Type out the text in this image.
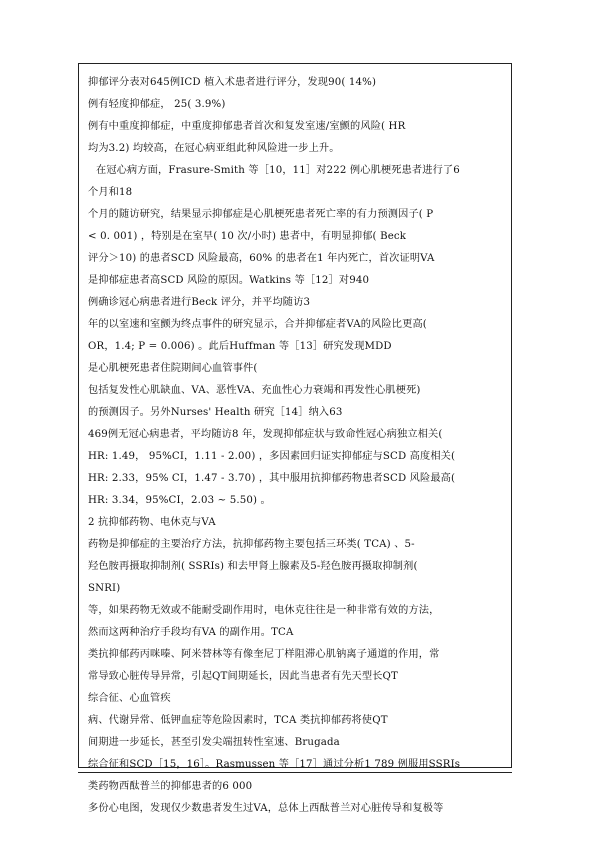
抑郁评分表对645例ICD 植入术患者进行评分，发现90( 14%)
例有轻度抑郁症， 25( 3.9%)
例有中重度抑郁症，中重度抑郁患者首次和复发室速/室颤的风险( HR
均为3.2) 均较高，在冠心病亚组此种风险进一步上升。
在冠心病方面，Frasure-Smith 等［10，11］对222 例心肌梗死患者进行了6
个月和18
个月的随访研究，结果显示抑郁症是心肌梗死患者死亡率的有力预测因子( P
< 0. 001) ，特别是在室早( 10 次/小时) 患者中，有明显抑郁( Beck
评分＞10) 的患者SCD 风险最高，60% 的患者在1 年内死亡，首次证明VA
是抑郁症患者高SCD 风险的原因。Watkins 等［12］对940
例确诊冠心病患者进行Beck 评分，并平均随访3
年的以室速和室颤为终点事件的研究显示，合并抑郁症者VA的风险比更高(
OR，1.4; P = 0.006) 。此后Huffman 等［13］研究发现MDD
是心肌梗死患者住院期间心血管事件(
包括复发性心肌缺血、VA、恶性VA、充血性心力衰竭和再发性心肌梗死)
的预测因子。另外Nurses' Health 研究［14］纳入63
469例无冠心病患者，平均随访8 年，发现抑郁症状与致命性冠心病独立相关(
HR: 1.49， 95%CI，1.11 - 2.00) ，多因素回归证实抑郁症与SCD 高度相关(
HR: 2.33，95% CI，1.47 - 3.70) ，其中服用抗抑郁药物患者SCD 风险最高(
HR: 3.34，95%CI，2.03 ~ 5.50) 。
2 抗抑郁药物、电休克与VA
药物是抑郁症的主要治疗方法，抗抑郁药物主要包括三环类( TCA) 、5-
羟色胺再摄取抑制剂( SSRIs) 和去甲肾上腺素及5-羟色胺再摄取抑制剂(
SNRI)
等，如果药物无效或不能耐受副作用时，电休克往往是一种非常有效的方法，
然而这两种治疗手段均有VA 的副作用。TCA
类抗抑郁药丙咪嗪、阿米替林等有像奎尼丁样阻滞心肌钠离子通道的作用，常
常导致心脏传导异常，引起QT间期延长，因此当患者有先天型长QT
综合征、心血管疾
病、代谢异常、低钾血症等危险因素时，TCA 类抗抑郁药将使QT
间期进一步延长，甚至引发尖端扭转性室速、Brugada
综合征和SCD［15，16］。Rasmussen 等［17］通过分析1 789 例服用SSRIs
类药物西酞普兰的抑郁患者的6 000
多份心电图，发现仅少数患者发生过VA，总体上西酞普兰对心脏传导和复极等
